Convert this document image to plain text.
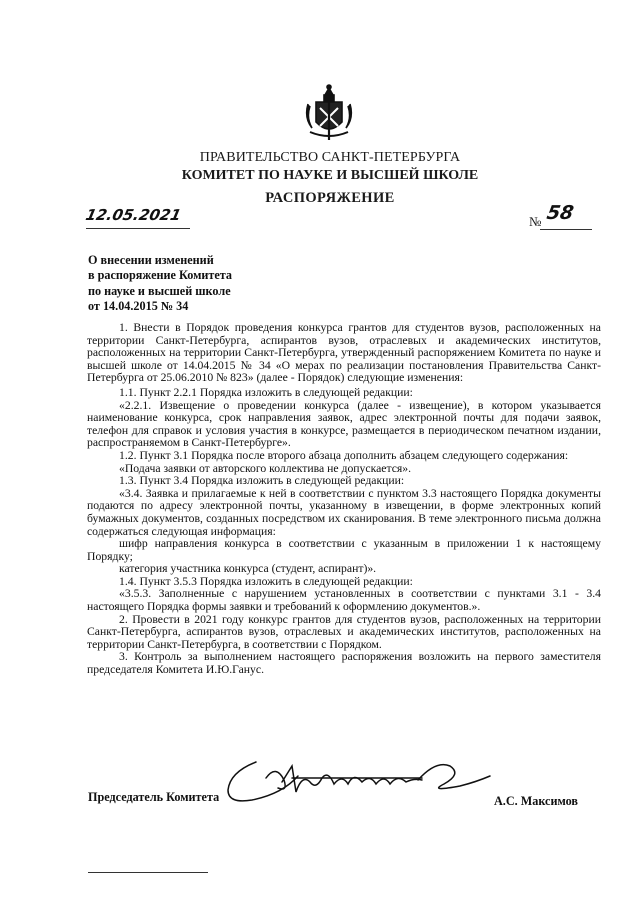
ПРАВИТЕЛЬСТВО САНКТ-ПЕТЕРБУРГА
КОМИТЕТ ПО НАУКЕ И ВЫСШЕЙ ШКОЛЕ
РАСПОРЯЖЕНИЕ
12.05.2021	№ 58
О внесении изменений
в распоряжение Комитета
по науке и высшей школе
от 14.04.2015 № 34

1. Внести в Порядок проведения конкурса грантов для студентов вузов, расположенных на территории Санкт-Петербурга, аспирантов вузов, отраслевых и академических институтов, расположенных на территории Санкт-Петербурга, утвержденный распоряжением Комитета по науке и высшей школе от 14.04.2015 № 34 «О мерах по реализации постановления Правительства Санкт-Петербурга от 25.06.2010 № 823» (далее - Порядок) следующие изменения:

1.1. Пункт 2.2.1 Порядка изложить в следующей редакции:

«2.2.1. Извещение о проведении конкурса (далее - извещение), в котором указывается наименование конкурса, срок направления заявок, адрес электронной почты для подачи заявок, телефон для справок и условия участия в конкурсе, размещается в периодическом печатном издании, распространяемом в Санкт-Петербурге».

1.2. Пункт 3.1 Порядка после второго абзаца дополнить абзацем следующего содержания:

«Подача заявки от авторского коллектива не допускается».

1.3. Пункт 3.4 Порядка изложить в следующей редакции:

«3.4. Заявка и прилагаемые к ней в соответствии с пунктом 3.3 настоящего Порядка документы подаются по адресу электронной почты, указанному в извещении, в форме электронных копий бумажных документов, созданных посредством их сканирования. В теме электронного письма должна содержаться следующая информация:

шифр направления конкурса в соответствии с указанным в приложении 1 к настоящему Порядку;

категория участника конкурса (студент, аспирант)».

1.4. Пункт 3.5.3 Порядка изложить в следующей редакции:

«3.5.3. Заполненные с нарушением установленных в соответствии с пунктами 3.1 - 3.4 настоящего Порядка формы заявки и требований к оформлению документов.».

2. Провести в 2021 году конкурс грантов для студентов вузов, расположенных на территории Санкт-Петербурга, аспирантов вузов, отраслевых и академических институтов, расположенных на территории Санкт-Петербурга, в соответствии с Порядком.

3. Контроль за выполнением настоящего распоряжения возложить на первого заместителя председателя Комитета И.Ю.Ганус.

Председатель Комитета	А.С. Максимов
